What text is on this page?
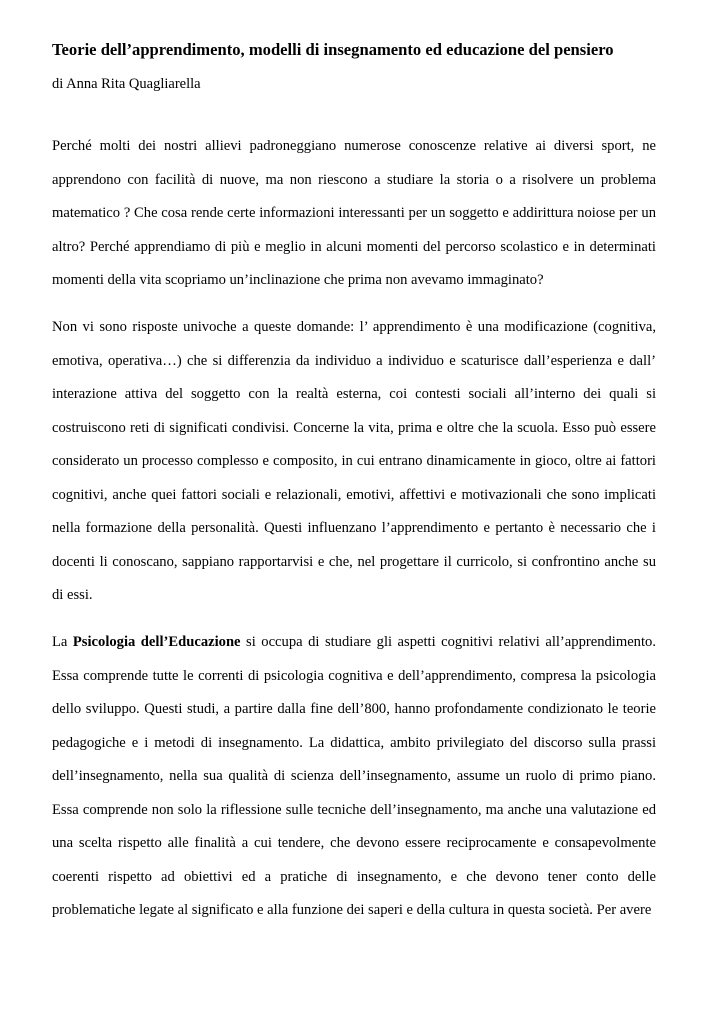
Teorie dell’apprendimento, modelli di insegnamento ed educazione del pensiero

di Anna Rita Quagliarella

Perché molti dei nostri allievi padroneggiano numerose conoscenze relative ai diversi sport, ne apprendono con facilità di nuove, ma non riescono a studiare la storia o a risolvere un problema matematico ? Che cosa rende certe informazioni interessanti per un soggetto e addirittura noiose per un altro? Perché apprendiamo di più e meglio in alcuni momenti del percorso scolastico e in determinati momenti della vita scopriamo un’inclinazione che prima non avevamo immaginato?

Non vi sono risposte univoche a queste domande: l’ apprendimento è una modificazione (cognitiva, emotiva, operativa…) che si differenzia da individuo a individuo e scaturisce dall’esperienza e dall’ interazione attiva del soggetto con la realtà esterna, coi contesti sociali all’interno dei quali si costruiscono reti di significati condivisi. Concerne la vita, prima e oltre che la scuola. Esso può essere considerato un processo complesso e composito, in cui entrano dinamicamente in gioco, oltre ai fattori cognitivi, anche quei fattori sociali e relazionali, emotivi, affettivi e motivazionali che sono implicati nella formazione della personalità. Questi influenzano l’apprendimento e pertanto è necessario che i docenti li conoscano, sappiano rapportarvisi e che, nel progettare il curricolo, si confrontino anche su di essi.

La Psicologia dell’Educazione si occupa di studiare gli aspetti cognitivi relativi all’apprendimento. Essa comprende tutte le correnti di psicologia cognitiva e dell’apprendimento, compresa la psicologia dello sviluppo. Questi studi, a partire dalla fine dell’800, hanno profondamente condizionato le teorie pedagogiche e i metodi di insegnamento. La didattica, ambito privilegiato del discorso sulla prassi dell’insegnamento, nella sua qualità di scienza dell’insegnamento, assume un ruolo di primo piano. Essa comprende non solo la riflessione sulle tecniche dell’insegnamento, ma anche una valutazione ed una scelta rispetto alle finalità a cui tendere, che devono essere reciprocamente e consapevolmente coerenti rispetto ad obiettivi ed a pratiche di insegnamento, e che devono tener conto delle problematiche legate al significato e alla funzione dei saperi e della cultura in questa società. Per avere
